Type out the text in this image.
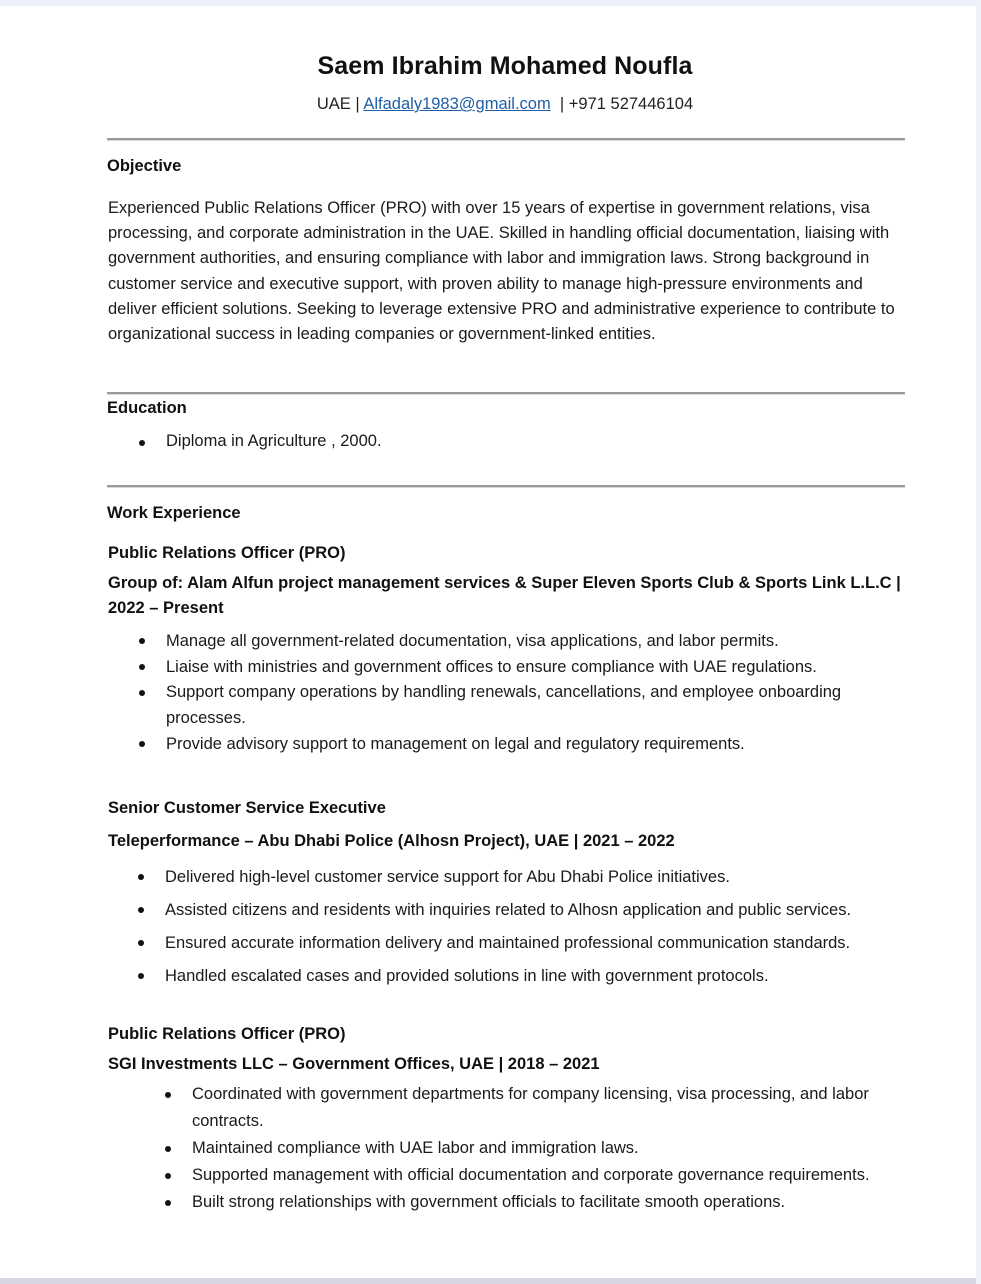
Saem Ibrahim Mohamed Noufla
UAE | Alfadaly1983@gmail.com | +971 527446104
Objective
Experienced Public Relations Officer (PRO) with over 15 years of expertise in government relations, visa processing, and corporate administration in the UAE. Skilled in handling official documentation, liaising with government authorities, and ensuring compliance with labor and immigration laws. Strong background in customer service and executive support, with proven ability to manage high-pressure environments and deliver efficient solutions. Seeking to leverage extensive PRO and administrative experience to contribute to organizational success in leading companies or government-linked entities.
Education
Diploma in Agriculture , 2000.
Work Experience
Public Relations Officer (PRO)
Group of: Alam Alfun project management services & Super Eleven Sports Club & Sports Link L.L.C | 2022 – Present
Manage all government-related documentation, visa applications, and labor permits.
Liaise with ministries and government offices to ensure compliance with UAE regulations.
Support company operations by handling renewals, cancellations, and employee onboarding processes.
Provide advisory support to management on legal and regulatory requirements.
Senior Customer Service Executive
Teleperformance – Abu Dhabi Police (Alhosn Project), UAE | 2021 – 2022
Delivered high-level customer service support for Abu Dhabi Police initiatives.
Assisted citizens and residents with inquiries related to Alhosn application and public services.
Ensured accurate information delivery and maintained professional communication standards.
Handled escalated cases and provided solutions in line with government protocols.
Public Relations Officer (PRO)
SGI Investments LLC – Government Offices, UAE | 2018 – 2021
Coordinated with government departments for company licensing, visa processing, and labor contracts.
Maintained compliance with UAE labor and immigration laws.
Supported management with official documentation and corporate governance requirements.
Built strong relationships with government officials to facilitate smooth operations.
